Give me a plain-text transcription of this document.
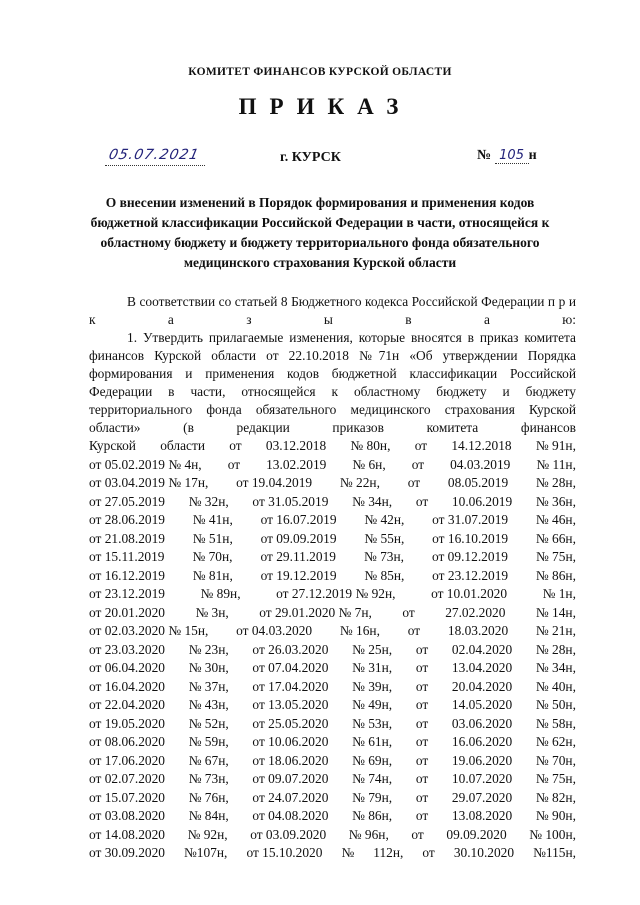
КОМИТЕТ ФИНАНСОВ КУРСКОЙ ОБЛАСТИ
ПРИКАЗ
05.07.2021	г. КУРСК	№ 105 н
О внесении изменений в Порядок формирования и применения кодов бюджетной классификации Российской Федерации в части, относящейся к областному бюджету и бюджету территориального фонда обязательного медицинского страхования Курской области

В соответствии со статьей 8 Бюджетного кодекса Российской Федерации п р и к а з ы в а ю:

1. Утвердить прилагаемые изменения, которые вносятся в приказ комитета финансов Курской области от 22.10.2018 №71н «Об утверждении Порядка формирования и применения кодов бюджетной классификации Российской Федерации в части, относящейся к областному бюджету и бюджету территориального фонда обязательного медицинского страхования Курской области» (в редакции приказов комитета финансов

Курской области от 03.12.2018 № 80н, от 14.12.2018 № 91н,
от 05.02.2019 № 4н, от 13.02.2019 № 6н, от 04.03.2019 № 11н,
от 03.04.2019 № 17н, от 19.04.2019 № 22н, от 08.05.2019 № 28н,
от 27.05.2019 № 32н, от 31.05.2019 № 34н, от 10.06.2019 № 36н,
от 28.06.2019 № 41н, от 16.07.2019 № 42н, от 31.07.2019 № 46н,
от 21.08.2019 № 51н, от 09.09.2019 № 55н, от 16.10.2019 № 66н,
от 15.11.2019 № 70н, от 29.11.2019 № 73н, от 09.12.2019 № 75н,
от 16.12.2019 № 81н, от 19.12.2019 № 85н, от 23.12.2019 № 86н,
от 23.12.2019	№ 89н,	от 27.12.2019 № 92н,	от 10.01.2020	№ 1н,
от 20.01.2020 № 3н, от 29.01.2020 № 7н, от 27.02.2020 № 14н,
от 02.03.2020 № 15н, от 04.03.2020 № 16н, от 18.03.2020 № 21н,
от 23.03.2020 № 23н, от 26.03.2020 № 25н, от 02.04.2020 № 28н,
от 06.04.2020 № 30н, от 07.04.2020 № 31н, от 13.04.2020 № 34н,
от 16.04.2020 № 37н, от 17.04.2020 № 39н, от 20.04.2020 № 40н,
от 22.04.2020 № 43н, от 13.05.2020 № 49н, от 14.05.2020 № 50н,
от 19.05.2020 № 52н, от 25.05.2020 № 53н, от 03.06.2020 № 58н,
от 08.06.2020 № 59н, от 10.06.2020 № 61н, от 16.06.2020 № 62н,
от 17.06.2020 № 67н, от 18.06.2020 № 69н, от 19.06.2020 № 70н,
от 02.07.2020 № 73н, от 09.07.2020 № 74н, от 10.07.2020 № 75н,
от 15.07.2020 № 76н, от 24.07.2020 № 79н, от 29.07.2020 № 82н,
от 03.08.2020 № 84н, от 04.08.2020 № 86н, от 13.08.2020 № 90н,
от 14.08.2020 № 92н, от 03.09.2020 № 96н, от 09.09.2020 № 100н,
от 30.09.2020 №107н, от 15.10.2020 № 112н, от 30.10.2020 №115н,
